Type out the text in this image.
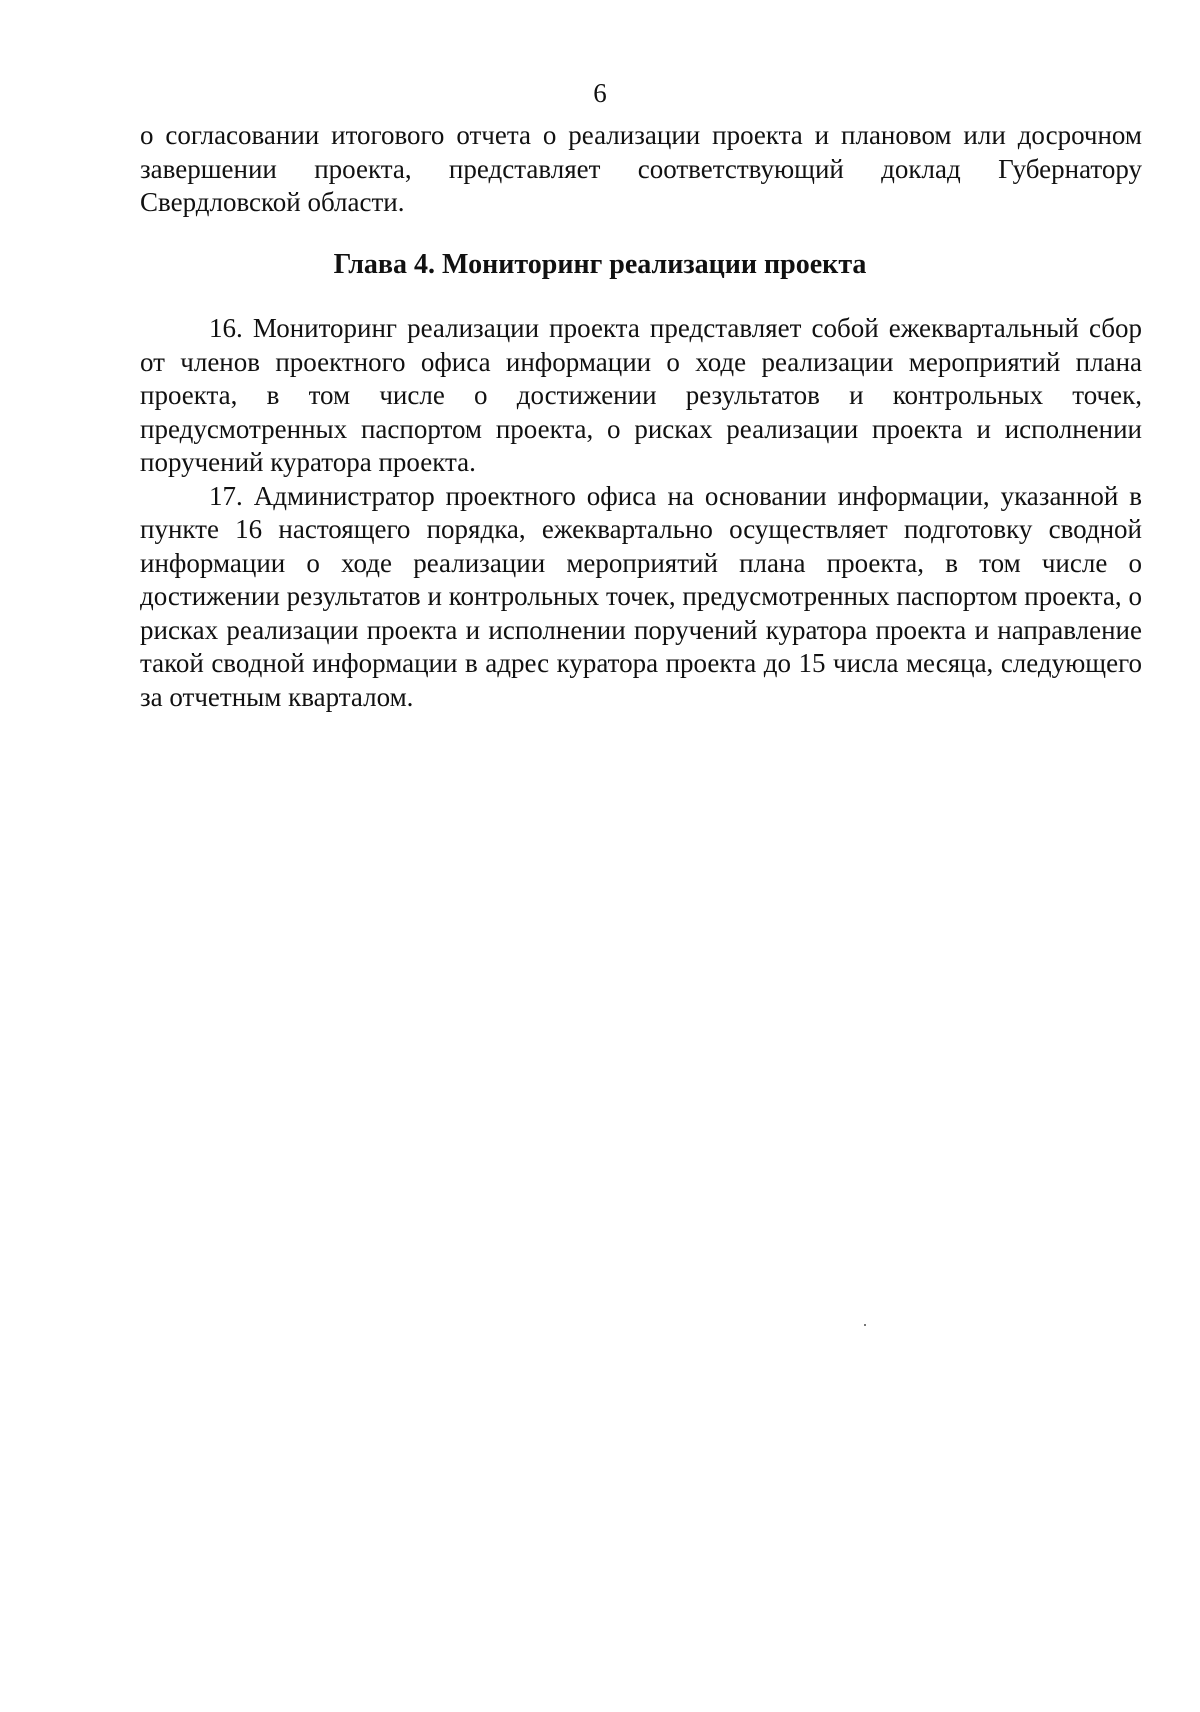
6

о согласовании итогового отчета о реализации проекта и плановом или досрочном завершении проекта, представляет соответствующий доклад Губернатору Свердловской области.

Глава 4. Мониторинг реализации проекта

16. Мониторинг реализации проекта представляет собой ежеквартальный сбор от членов проектного офиса информации о ходе реализации мероприятий плана проекта, в том числе о достижении результатов и контрольных точек, предусмотренных паспортом проекта, о рисках реализации проекта и исполнении поручений куратора проекта.

17. Администратор проектного офиса на основании информации, указанной в пункте 16 настоящего порядка, ежеквартально осуществляет подготовку сводной информации о ходе реализации мероприятий плана проекта, в том числе о достижении результатов и контрольных точек, предусмотренных паспортом проекта, о рисках реализации проекта и исполнении поручений куратора проекта и направление такой сводной информации в адрес куратора проекта до 15 числа месяца, следующего за отчетным кварталом.
